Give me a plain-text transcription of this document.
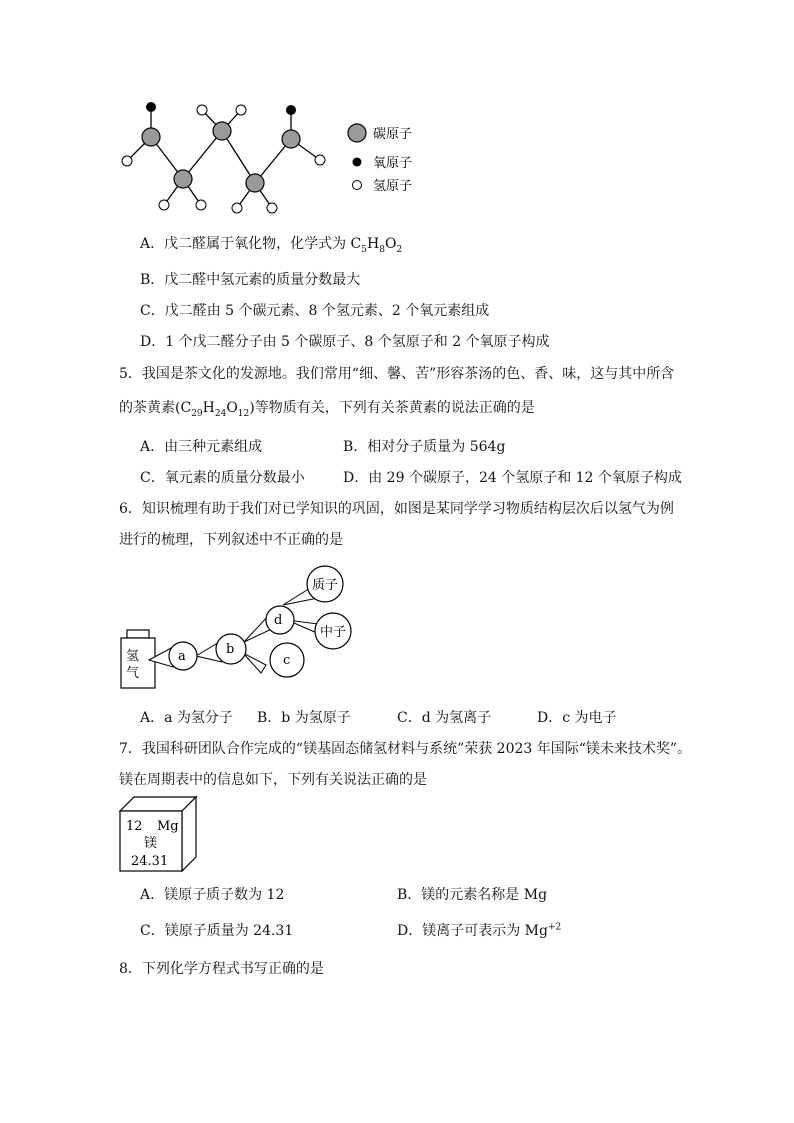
碳原子
氧原子
氢原子
A．戊二醛属于氧化物，化学式为 $C_5H_8O_2$
B．戊二醛中氢元素的质量分数最大
C．戊二醛由 5 个碳元素、8 个氢元素、2 个氧元素组成
D．1 个戊二醛分子由 5 个碳原子、8 个氢原子和 2 个氧原子构成
5．我国是茶文化的发源地。我们常用“细、馨、苦”形容茶汤的色、香、味，这与其中所含
的茶黄素$(C_{29}H_{24}O_{12})$等物质有关，下列有关茶黄素的说法正确的是
A．由三种元素组成	B．相对分子质量为 564g
C．氧元素的质量分数最小	D．由 29 个碳原子，24 个氢原子和 12 个氧原子构成
6．知识梳理有助于我们对已学知识的巩固，如图是某同学学习物质结构层次后以氢气为例
进行的梳理，下列叙述中不正确的是
氢
气
a	b
c
d
质子
中子
A．a 为氢分子 B．b 为氢原子	C．d 为氢离子	D．c 为电子
7．我国科研团队合作完成的“镁基固态储氢材料与系统”荣获 2023 年国际“镁未来技术奖”。
镁在周期表中的信息如下，下列有关说法正确的是
12 Mg
镁
24.31
A．镁原子质子数为 12	B．镁的元素名称是 Mg
C．镁原子质量为 24.31	D．镁离子可表示为 $Mg^{+2}$
8．下列化学方程式书写正确的是
